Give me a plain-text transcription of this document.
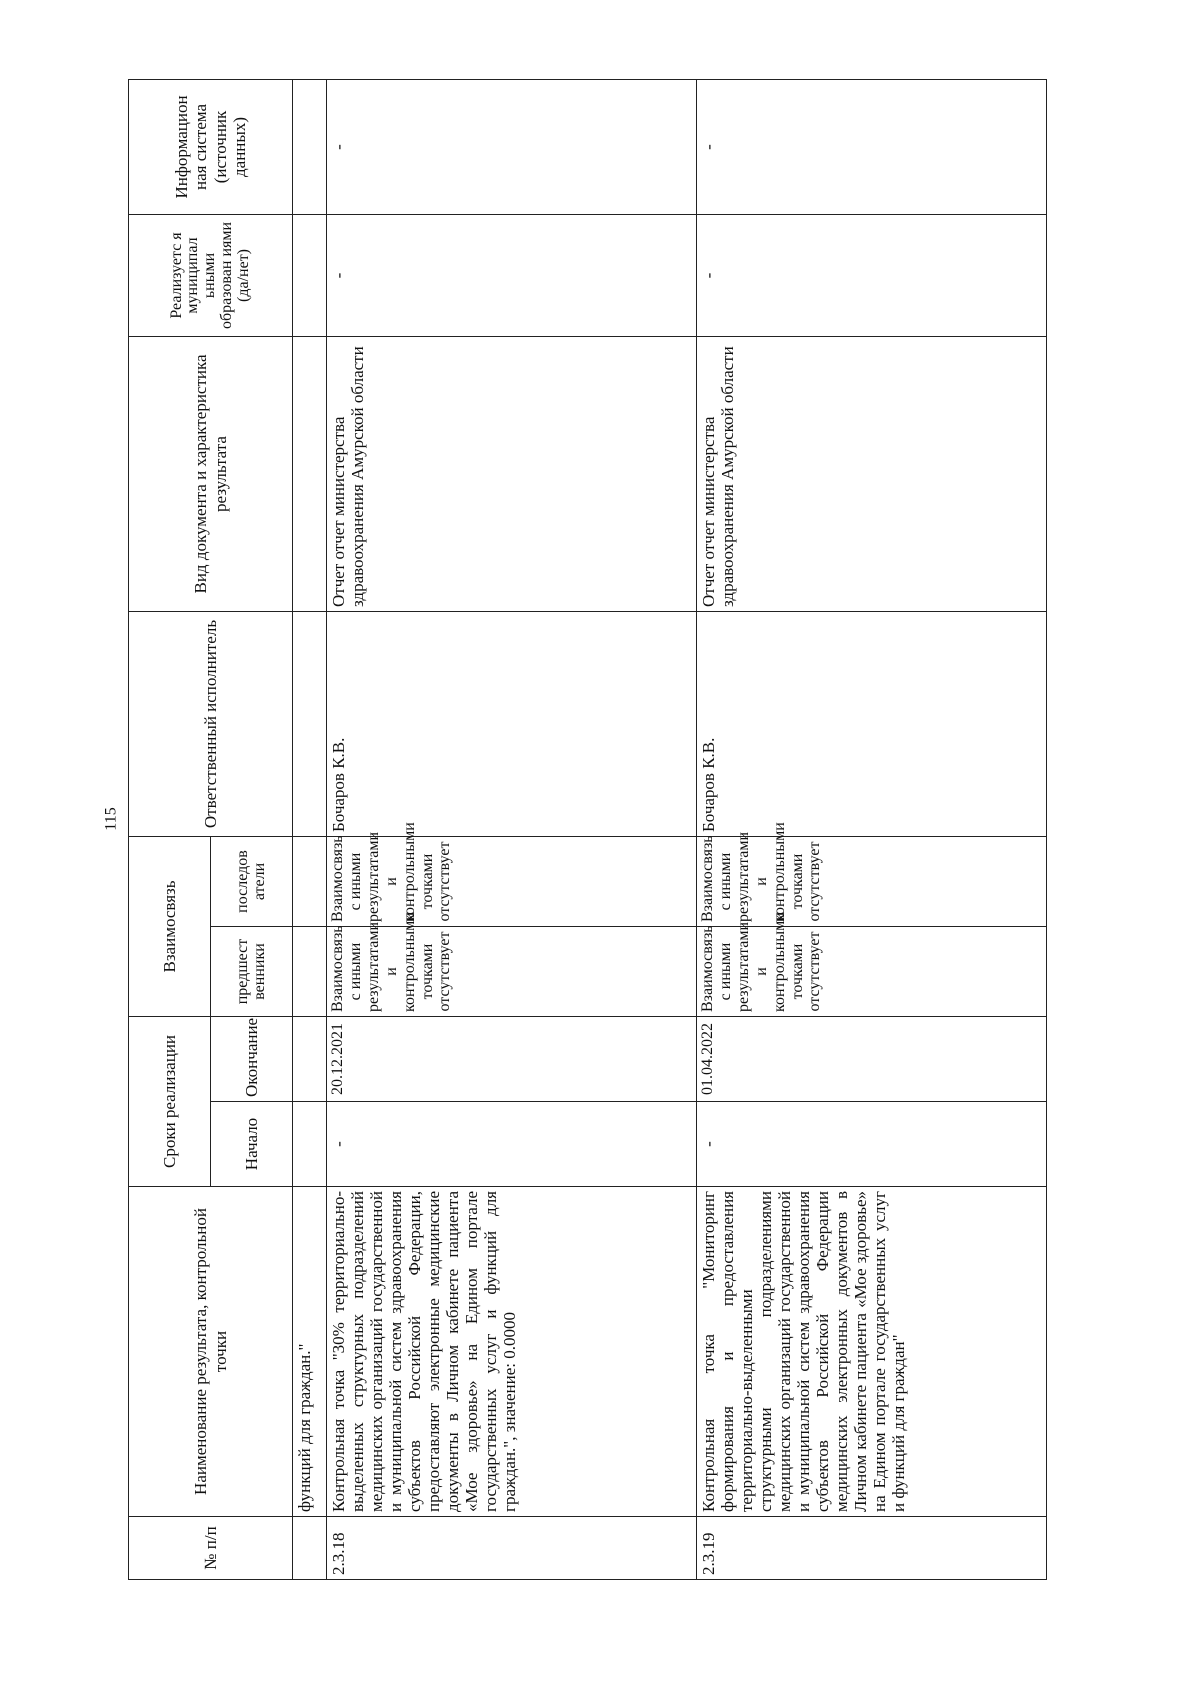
115
№ п/п	Наименование результата, контрольной точки	Сроки реализации		Взаимосвязь		Ответственный исполнитель	Вид документа и характеристика результата	Реализуетс я муниципал ьными образован иями (да/нет)	Информацион ная система (источник данных)
		Начало	Окончание	предшест венники	последов атели				
	функций для граждан."								
2.3.18	Контрольная точка "30% территориально-выделенных структурных подразделений медицинских организаций государственной и муниципальной систем здравоохранения субъектов Российской Федерации, предоставляют электронные медицинские документы в Личном кабинете пациента «Мое здоровье» на Едином портале государственных услуг и функций для граждан.", значение: 0.0000	-	20.12.2021	Взаимосвязь с иными результатами и контрольными точками отсутствует	Взаимосвязь с иными результатами и контрольными точками отсутствует	Бочаров К.В.	Отчет отчет министерства здравоохранения Амурской области	-	-
2.3.19	Контрольная точка "Мониторинг формирования и предоставления территориально-выделенными структурными подразделениями медицинских организаций государственной и муниципальной систем здравоохранения субъектов Российской Федерации медицинских электронных документов в Личном кабинете пациента «Мое здоровье» на Едином портале государственных услуг и функций для граждан"	-	01.04.2022	Взаимосвязь с иными результатами и контрольными точками отсутствует	Взаимосвязь с иными результатами и контрольными точками отсутствует	Бочаров К.В.	Отчет отчет министерства здравоохранения Амурской области	-	-
